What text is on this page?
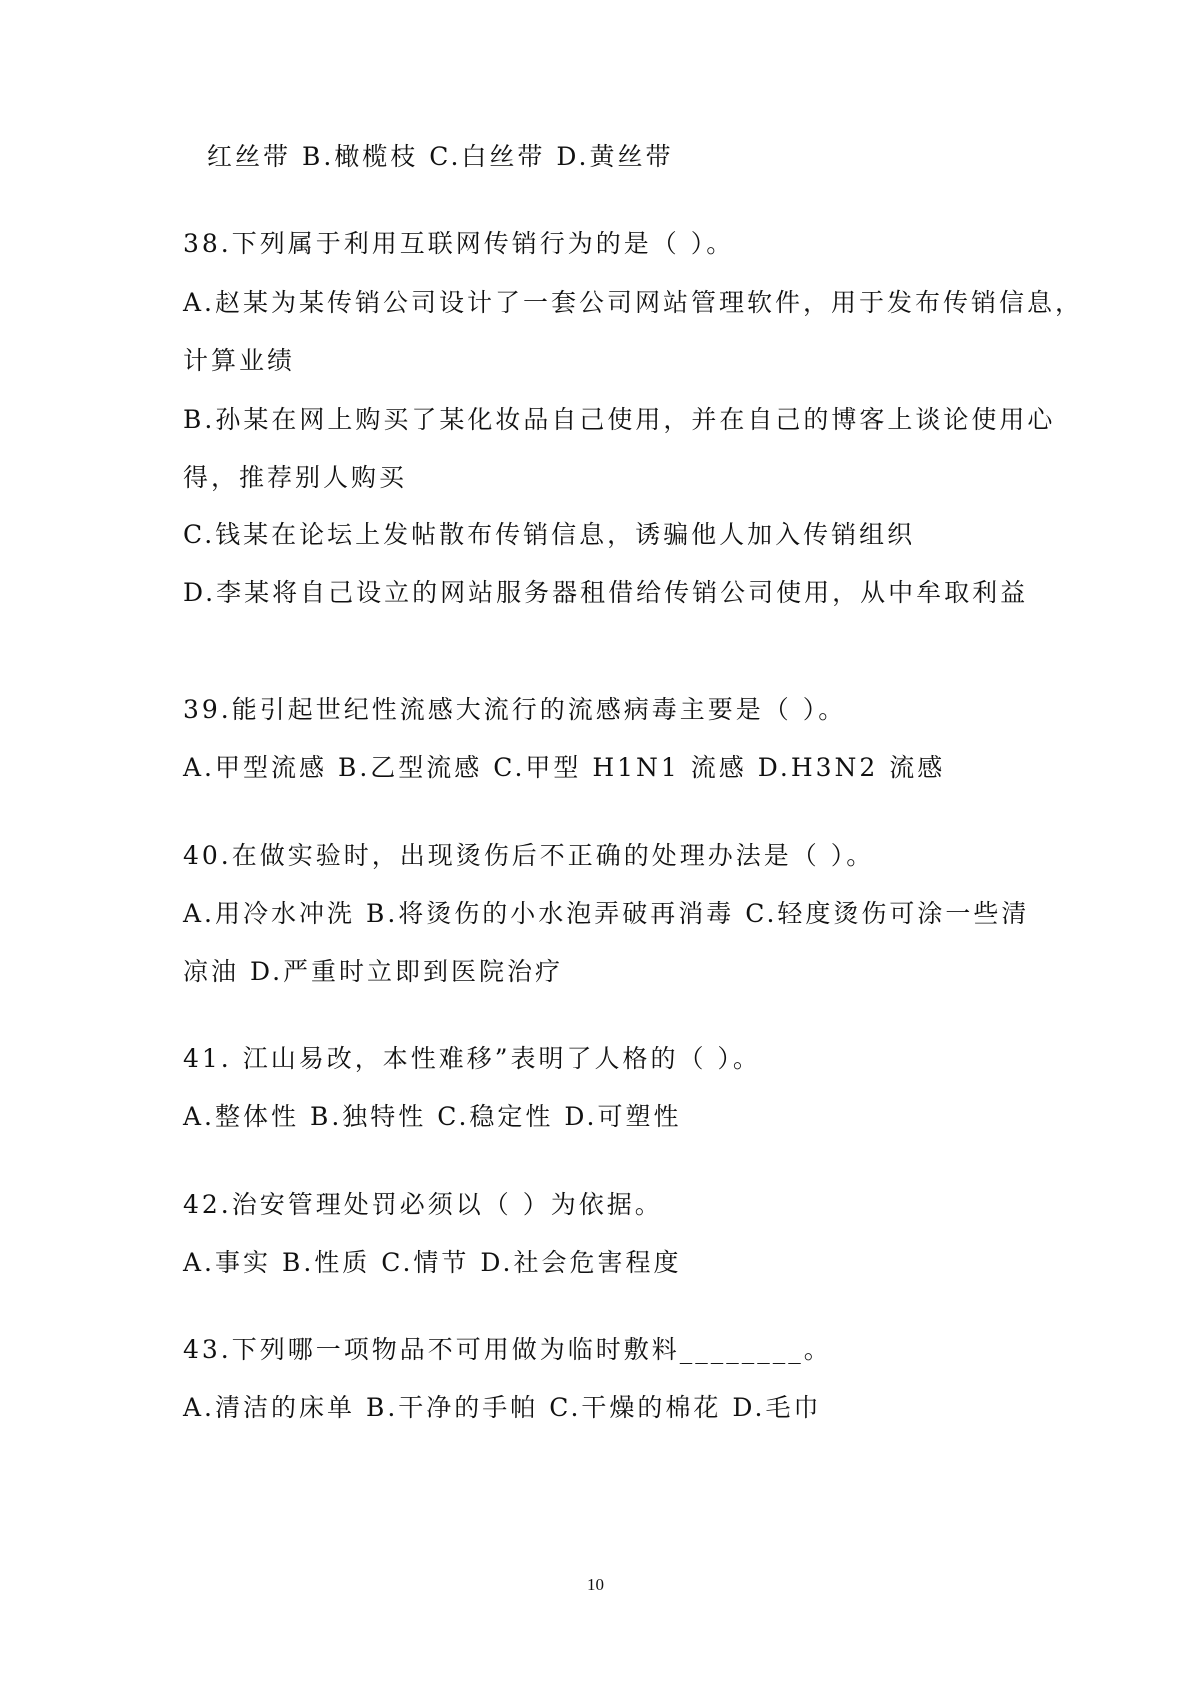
红丝带 B.橄榄枝 C.白丝带 D.黄丝带
38.下列属于利用互联网传销行为的是（ ）。
A.赵某为某传销公司设计了一套公司网站管理软件，用于发布传销信息，
计算业绩
B.孙某在网上购买了某化妆品自己使用，并在自己的博客上谈论使用心
得，推荐别人购买
C.钱某在论坛上发帖散布传销信息，诱骗他人加入传销组织
D.李某将自己设立的网站服务器租借给传销公司使用，从中牟取利益
39.能引起世纪性流感大流行的流感病毒主要是（ ）。
A.甲型流感 B.乙型流感 C.甲型 H1N1 流感 D.H3N2 流感
40.在做实验时，出现烫伤后不正确的处理办法是（ ）。
A.用冷水冲洗 B.将烫伤的小水泡弄破再消毒 C.轻度烫伤可涂一些清
凉油 D.严重时立即到医院治疗
41. 江山易改，本性难移”表明了人格的（ ）。
A.整体性 B.独特性 C.稳定性 D.可塑性
42.治安管理处罚必须以（ ）为依据。
A.事实 B.性质 C.情节 D.社会危害程度
43.下列哪一项物品不可用做为临时敷料________。
A.清洁的床单 B.干净的手帕 C.干燥的棉花 D.毛巾
10
